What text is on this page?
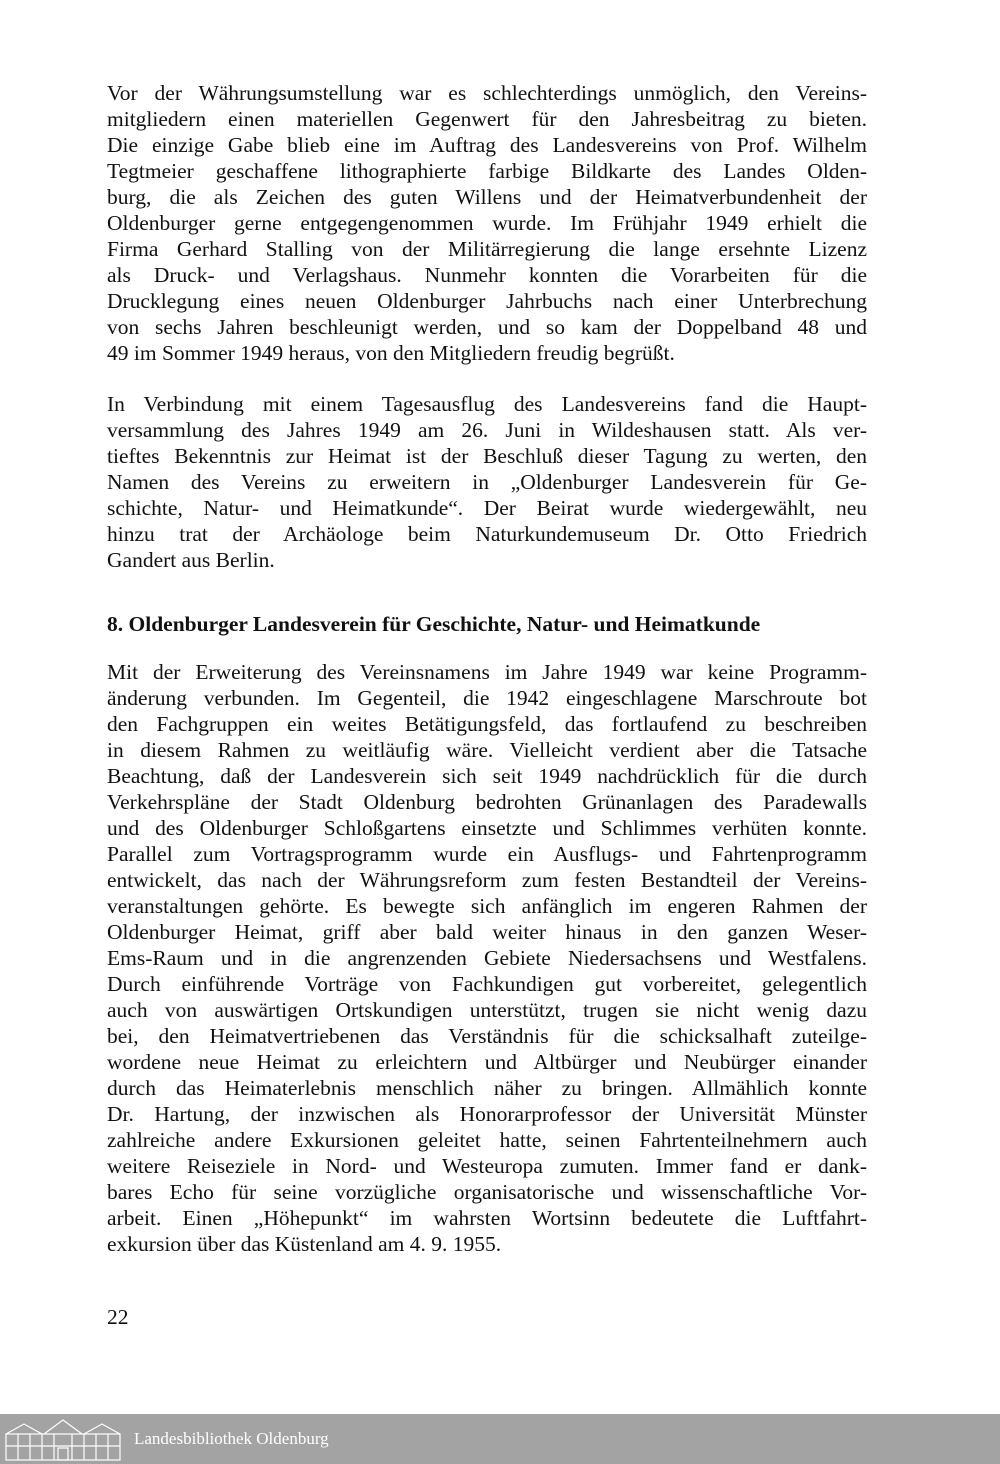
Vor der Währungsumstellung war es schlechterdings unmöglich, den Vereins-
mitgliedern einen materiellen Gegenwert für den Jahresbeitrag zu bieten.
Die einzige Gabe blieb eine im Auftrag des Landesvereins von Prof. Wilhelm
Tegtmeier geschaffene lithographierte farbige Bildkarte des Landes Olden-
burg, die als Zeichen des guten Willens und der Heimatverbundenheit der
Oldenburger gerne entgegengenommen wurde. Im Frühjahr 1949 erhielt die
Firma Gerhard Stalling von der Militärregierung die lange ersehnte Lizenz
als Druck- und Verlagshaus. Nunmehr konnten die Vorarbeiten für die
Drucklegung eines neuen Oldenburger Jahrbuchs nach einer Unterbrechung
von sechs Jahren beschleunigt werden, und so kam der Doppelband 48 und
49 im Sommer 1949 heraus, von den Mitgliedern freudig begrüßt.
In Verbindung mit einem Tagesausflug des Landesvereins fand die Haupt-
versammlung des Jahres 1949 am 26. Juni in Wildeshausen statt. Als ver-
tieftes Bekenntnis zur Heimat ist der Beschluß dieser Tagung zu werten, den
Namen des Vereins zu erweitern in „Oldenburger Landesverein für Ge-
schichte, Natur- und Heimatkunde“. Der Beirat wurde wiedergewählt, neu
hinzu trat der Archäologe beim Naturkundemuseum Dr. Otto Friedrich
Gandert aus Berlin.
8. Oldenburger Landesverein für Geschichte, Natur- und Heimatkunde
Mit der Erweiterung des Vereinsnamens im Jahre 1949 war keine Programm-
änderung verbunden. Im Gegenteil, die 1942 eingeschlagene Marschroute bot
den Fachgruppen ein weites Betätigungsfeld, das fortlaufend zu beschreiben
in diesem Rahmen zu weitläufig wäre. Vielleicht verdient aber die Tatsache
Beachtung, daß der Landesverein sich seit 1949 nachdrücklich für die durch
Verkehrspläne der Stadt Oldenburg bedrohten Grünanlagen des Paradewalls
und des Oldenburger Schloßgartens einsetzte und Schlimmes verhüten konnte.
Parallel zum Vortragsprogramm wurde ein Ausflugs- und Fahrtenprogramm
entwickelt, das nach der Währungsreform zum festen Bestandteil der Vereins-
veranstaltungen gehörte. Es bewegte sich anfänglich im engeren Rahmen der
Oldenburger Heimat, griff aber bald weiter hinaus in den ganzen Weser-
Ems-Raum und in die angrenzenden Gebiete Niedersachsens und Westfalens.
Durch einführende Vorträge von Fachkundigen gut vorbereitet, gelegentlich
auch von auswärtigen Ortskundigen unterstützt, trugen sie nicht wenig dazu
bei, den Heimatvertriebenen das Verständnis für die schicksalhaft zuteilge-
wordene neue Heimat zu erleichtern und Altbürger und Neubürger einander
durch das Heimaterlebnis menschlich näher zu bringen. Allmählich konnte
Dr. Hartung, der inzwischen als Honorarprofessor der Universität Münster
zahlreiche andere Exkursionen geleitet hatte, seinen Fahrtenteilnehmern auch
weitere Reiseziele in Nord- und Westeuropa zumuten. Immer fand er dank-
bares Echo für seine vorzügliche organisatorische und wissenschaftliche Vor-
arbeit. Einen „Höhepunkt“ im wahrsten Wortsinn bedeutete die Luftfahrt-
exkursion über das Küstenland am 4. 9. 1955.
22
Landesbibliothek Oldenburg
